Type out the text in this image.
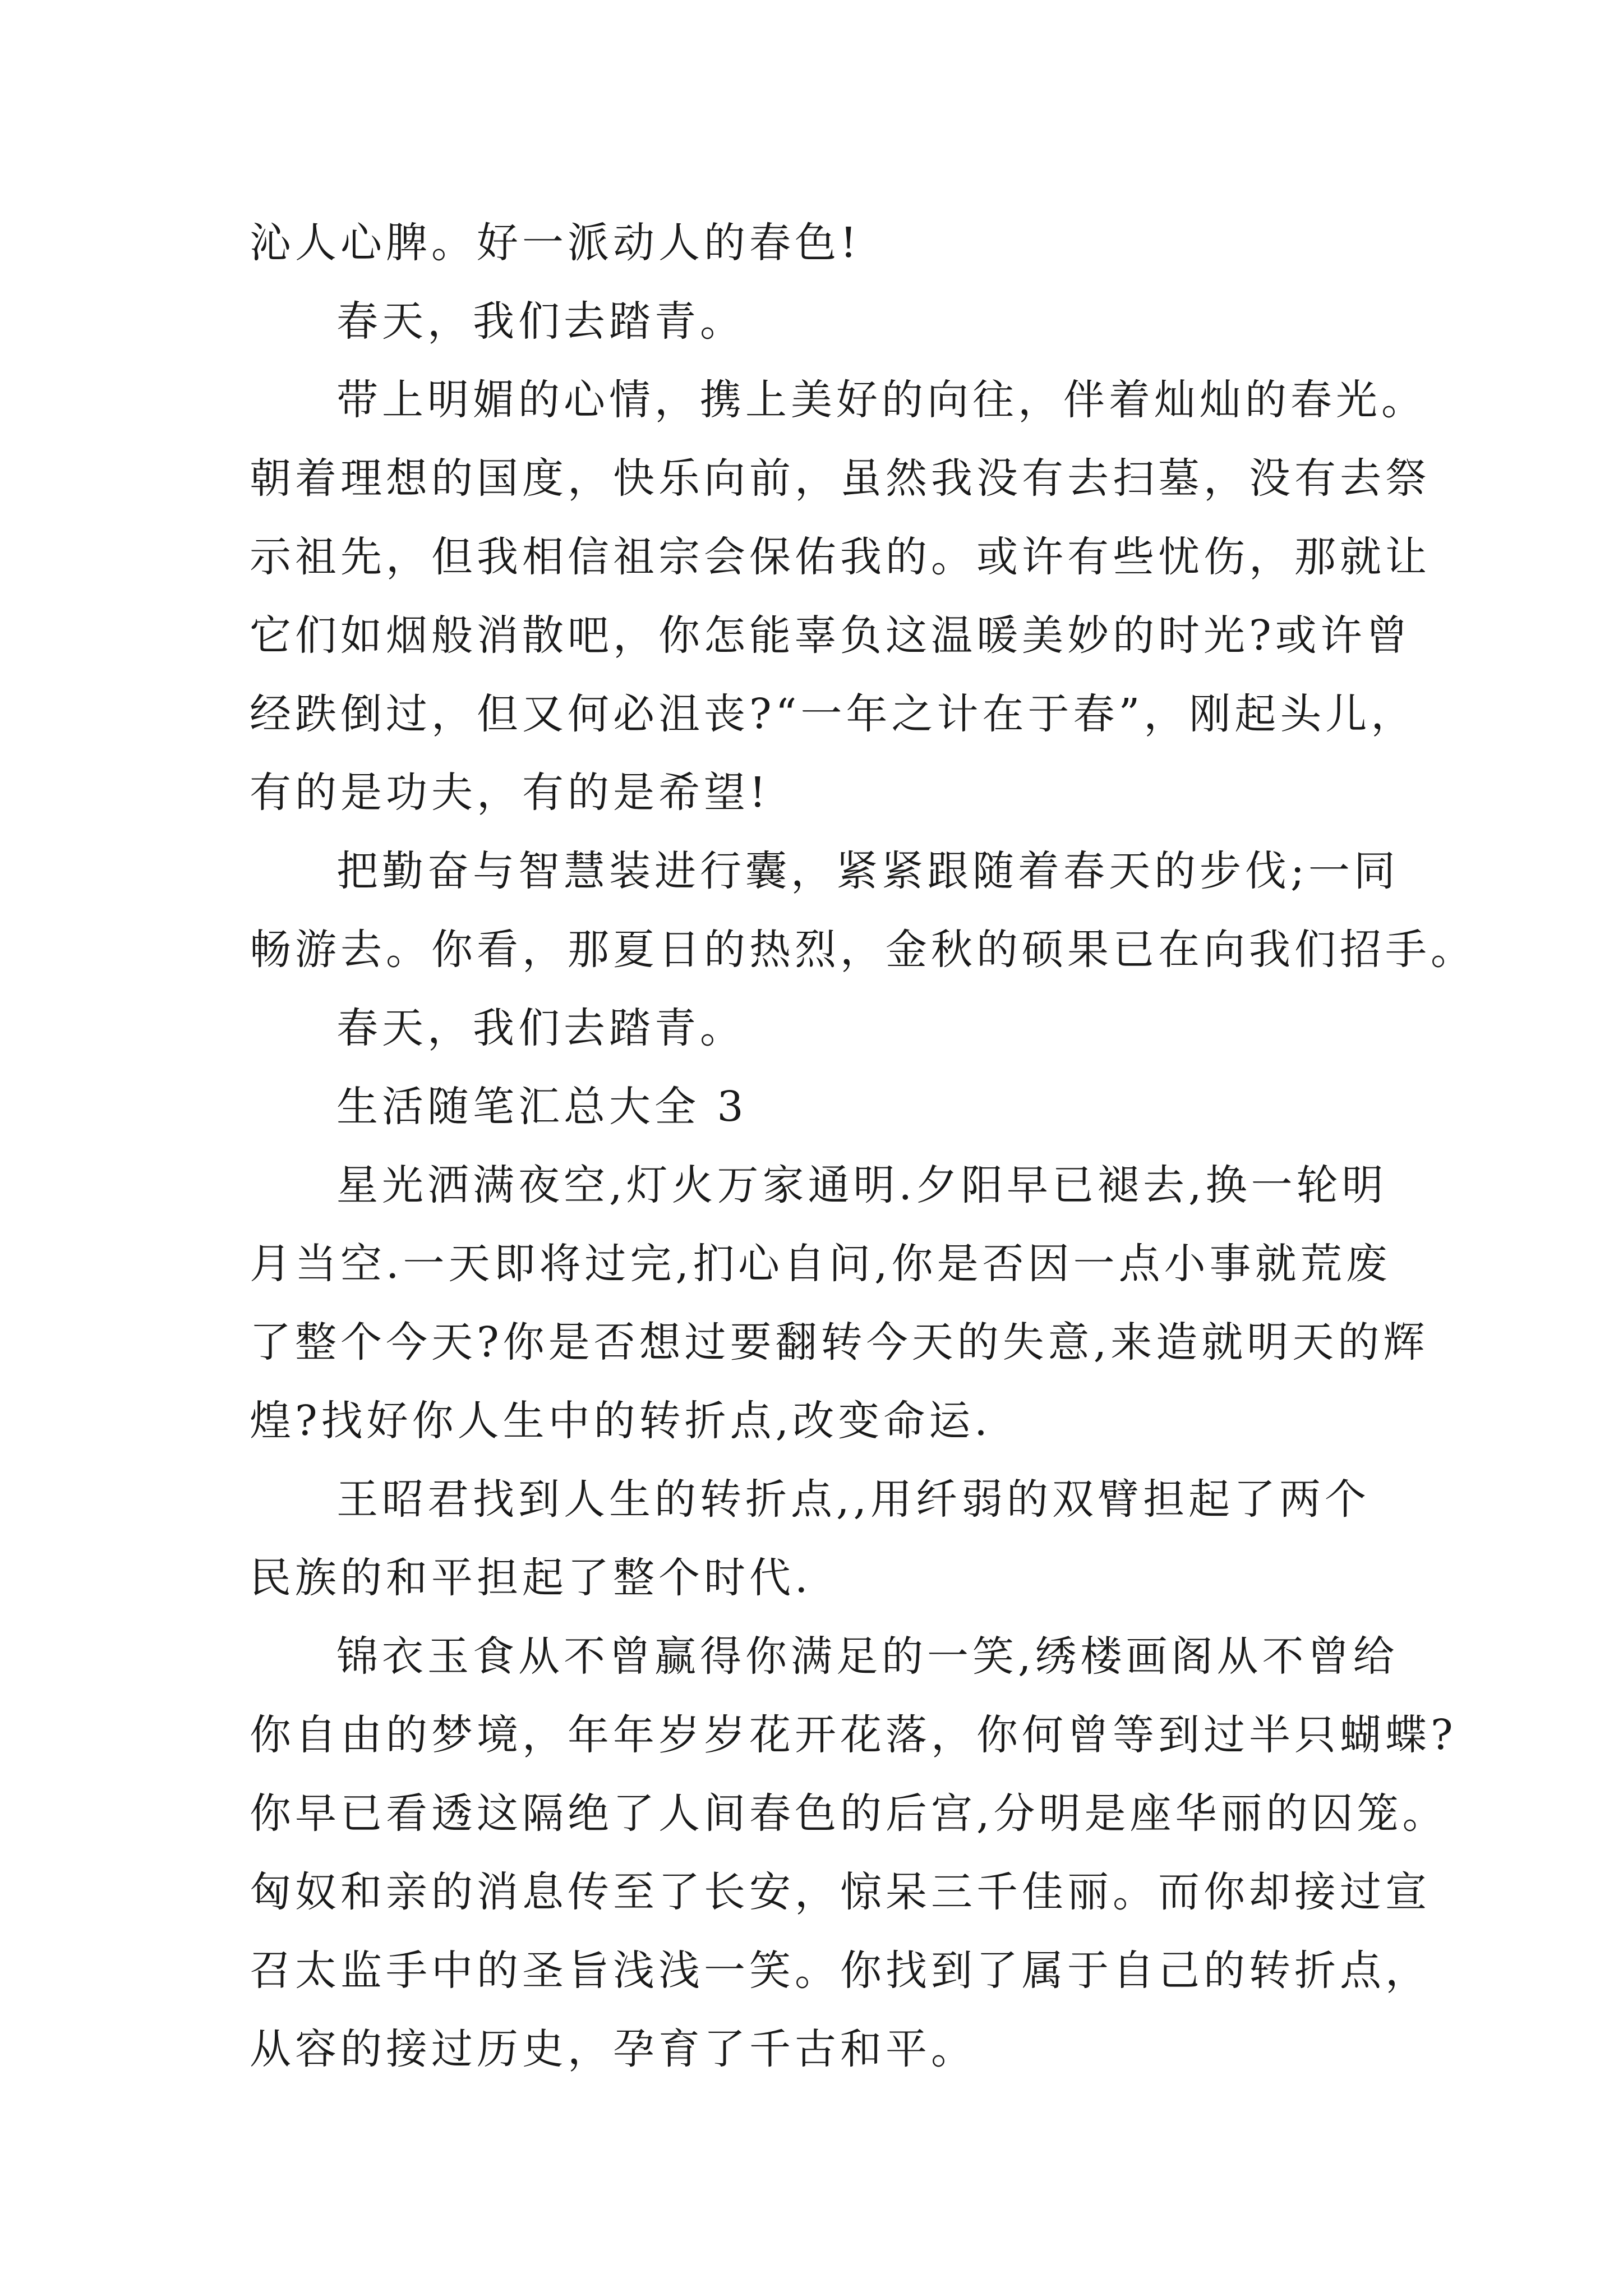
沁人心脾。好一派动人的春色!

春天，我们去踏青。

带上明媚的心情，携上美好的向往，伴着灿灿的春光。

朝着理想的国度，快乐向前，虽然我没有去扫墓，没有去祭

示祖先，但我相信祖宗会保佑我的。或许有些忧伤，那就让

它们如烟般消散吧，你怎能辜负这温暖美妙的时光?或许曾

经跌倒过，但又何必沮丧?“一年之计在于春”，刚起头儿，

有的是功夫，有的是希望!

把勤奋与智慧装进行囊，紧紧跟随着春天的步伐;一同

畅游去。你看，那夏日的热烈，金秋的硕果已在向我们招手。

春天，我们去踏青。

生活随笔汇总大全 3

星光洒满夜空,灯火万家通明.夕阳早已褪去,换一轮明

月当空.一天即将过完,扪心自问,你是否因一点小事就荒废

了整个今天?你是否想过要翻转今天的失意,来造就明天的辉

煌?找好你人生中的转折点,改变命运.

王昭君找到人生的转折点,,用纤弱的双臂担起了两个

民族的和平担起了整个时代.

锦衣玉食从不曾赢得你满足的一笑,绣楼画阁从不曾给

你自由的梦境，年年岁岁花开花落，你何曾等到过半只蝴蝶?

你早已看透这隔绝了人间春色的后宫,分明是座华丽的囚笼。

匈奴和亲的消息传至了长安，惊呆三千佳丽。而你却接过宣

召太监手中的圣旨浅浅一笑。你找到了属于自己的转折点，

从容的接过历史，孕育了千古和平。
